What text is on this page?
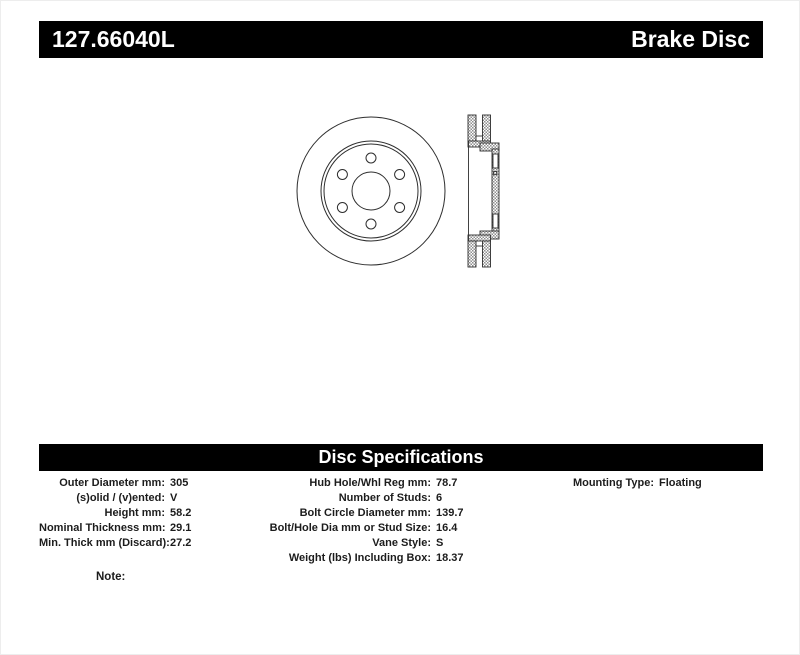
127.66040L	Brake Disc
Disc Specifications
Outer Diameter mm: 305
(s)olid / (v)ented: V
Height mm: 58.2
Nominal Thickness mm: 29.1
Min. Thick mm (Discard): 27.2
Hub Hole/Whl Reg mm: 78.7
Number of Studs: 6
Bolt Circle Diameter mm: 139.7
Bolt/Hole Dia mm or Stud Size: 16.4
Vane Style: S
Weight (lbs) Including Box: 18.37
Mounting Type: Floating
Note:
